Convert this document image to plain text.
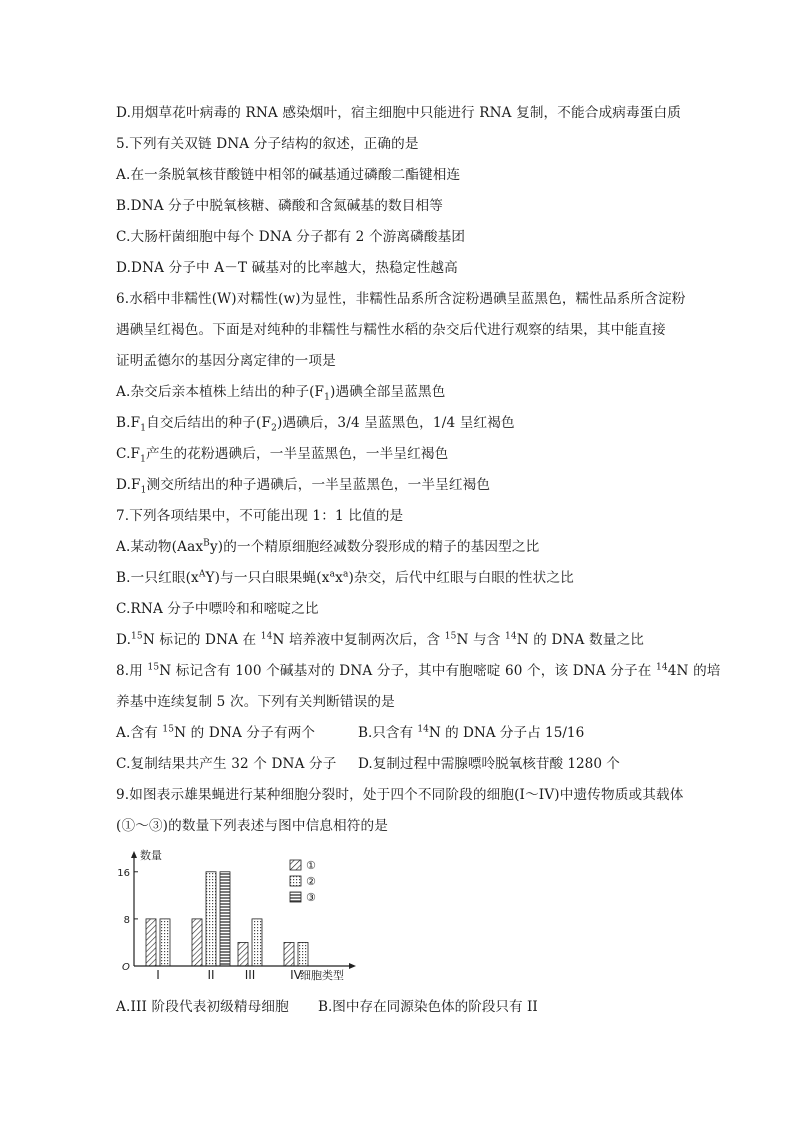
D.用烟草花叶病毒的 RNA 感染烟叶，宿主细胞中只能进行 RNA 复制，不能合成病毒蛋白质
5.下列有关双链 DNA 分子结构的叙述，正确的是
A.在一条脱氧核苷酸链中相邻的碱基通过磷酸二酯键相连
B.DNA 分子中脱氧核糖、磷酸和含氮碱基的数目相等
C.大肠杆菌细胞中每个 DNA 分子都有 2 个游离磷酸基团
D.DNA 分子中 A－T 碱基对的比率越大，热稳定性越高
6.水稻中非糯性(W)对糯性(w)为显性，非糯性品系所含淀粉遇碘呈蓝黑色，糯性品系所含淀粉
遇碘呈红褐色。下面是对纯种的非糯性与糯性水稻的杂交后代进行观察的结果，其中能直接
证明孟德尔的基因分离定律的一项是
A.杂交后亲本植株上结出的种子$(F_1)$遇碘全部呈蓝黑色
$B.F_1$自交后结出的种子$(F_2)$遇碘后，3/4 呈蓝黑色，1/4 呈红褐色
$C.F_1$产生的花粉遇碘后，一半呈蓝黑色，一半呈红褐色
$D.F_1$测交所结出的种子遇碘后，一半呈蓝黑色，一半呈红褐色
7.下列各项结果中，不可能出现 1：1 比值的是
A.某动物(Aax$^B$y)的一个精原细胞经减数分裂形成的精子的基因型之比
B.一只红眼$(x^AY)$与一只白眼果蝇$(x^ax^a)$杂交，后代中红眼与白眼的性状之比
C.RNA 分子中嘌呤和和嘧啶之比
D.$^{15}$N 标记的 DNA 在 $^{14}$N 培养液中复制两次后，含 $^{15}$N 与含 $^{14}$N 的 DNA 数量之比
8.用 $^{15}$N 标记含有 100 个碱基对的 DNA 分子，其中有胞嘧啶 60 个，该 DNA 分子在 $^{14}$4N 的培
养基中连续复制 5 次。下列有关判断错误的是
A.含有 $^{15}$N 的 DNA 分子有两个	B.只含有 $^{14}$N 的 DNA 分子占 15/16
C.复制结果共产生 32 个 DNA 分子 D.复制过程中需腺嘌呤脱氧核苷酸 1280 个
9.如图表示雄果蝇进行某种细胞分裂时，处于四个不同阶段的细胞(I～IV)中遗传物质或其载体
(①～③)的数量下列表述与图中信息相符的是
数量
O
细胞类型
8
16
I	II	III	IV
①
②
③
A.III 阶段代表初级精母细胞 B.图中存在同源染色体的阶段只有 II
